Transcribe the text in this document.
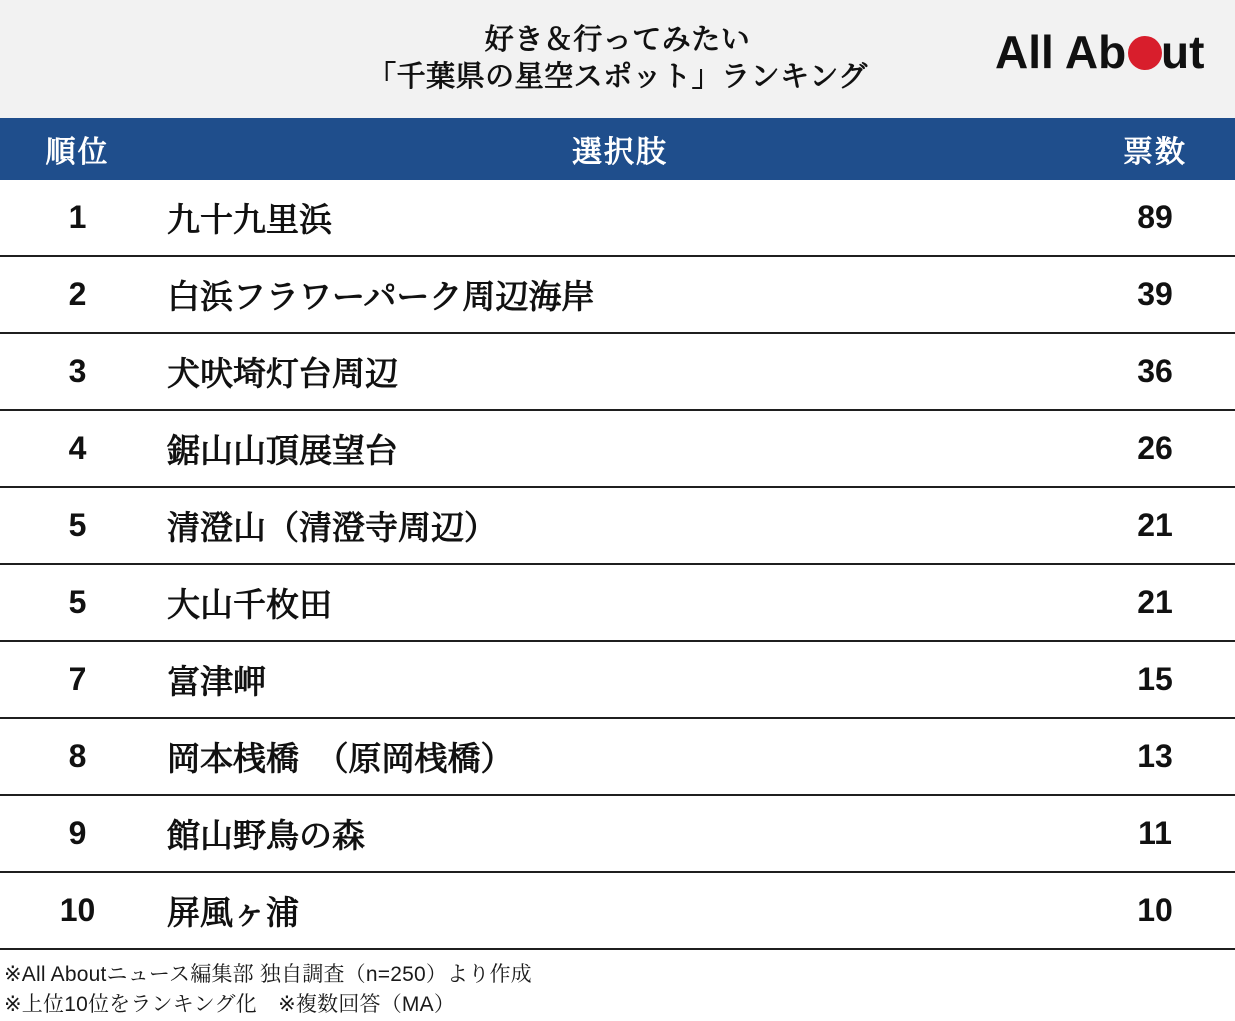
好き＆行ってみたい
「千葉県の星空スポット」ランキング	All Ab ut
順位	選択肢	票数
1	九十九里浜	89
2	白浜フラワーパーク周辺海岸	39
3	犬吠埼灯台周辺	36
4	鋸山山頂展望台	26
5	清澄山（清澄寺周辺）	21
5	大山千枚田	21
7	富津岬	15
8	岡本桟橋　（原岡桟橋）	13
9	館山野鳥の森	11
10	屏風ヶ浦	10
※All Aboutニュース編集部 独自調査（n=250）より作成
※上位10位をランキング化　※複数回答（MA）
